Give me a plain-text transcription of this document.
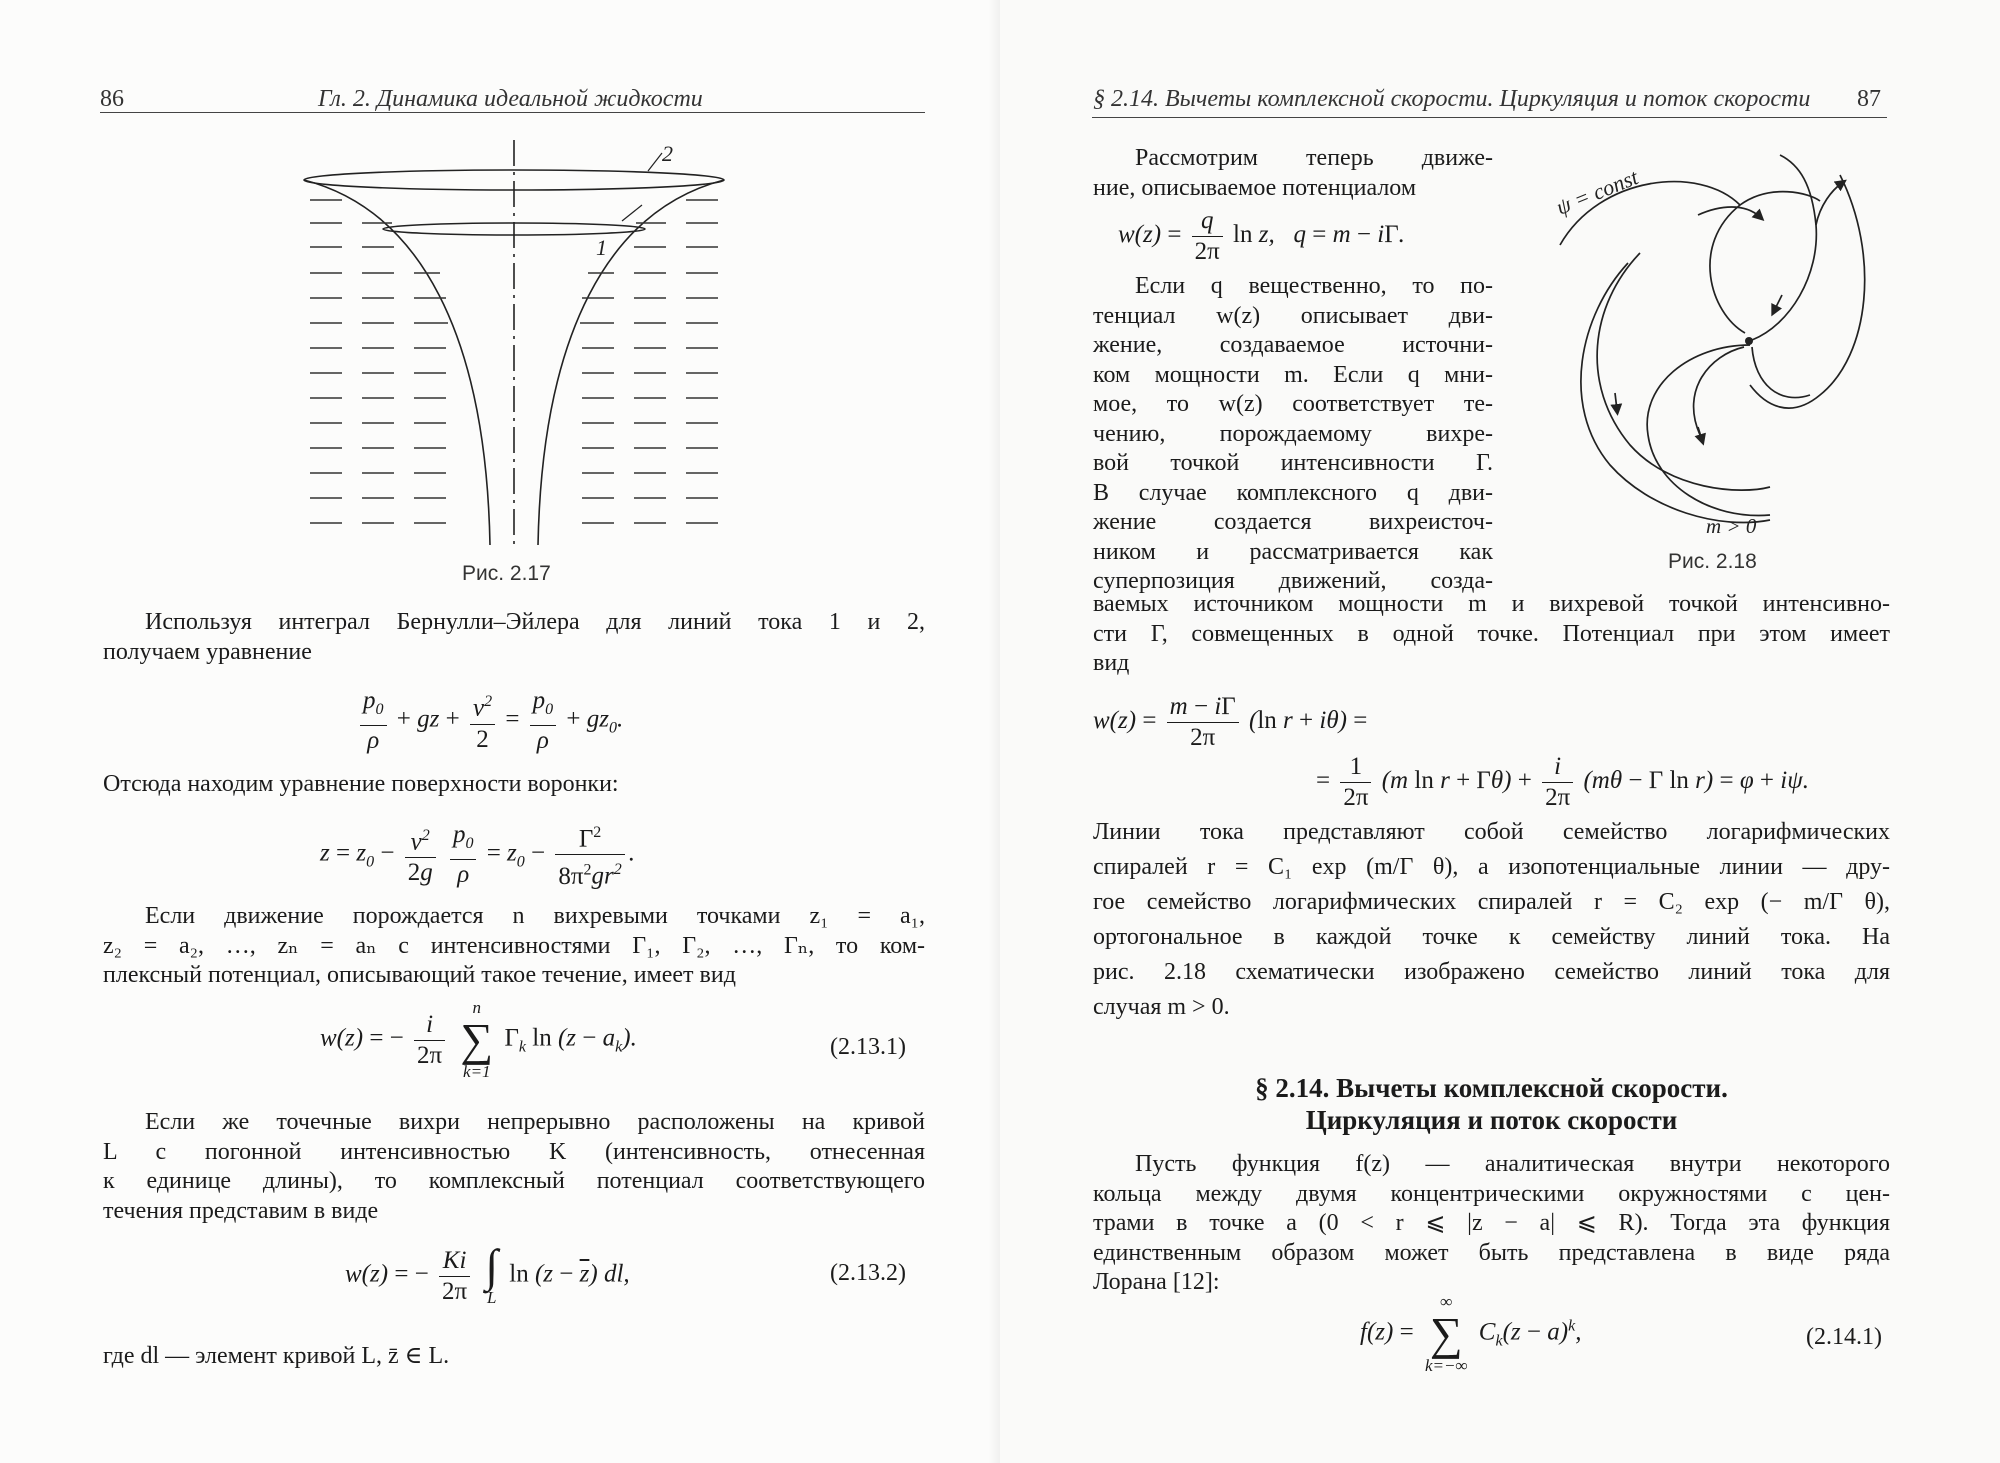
86	Гл. 2. Динамика идеальной жидкости
2
1
Рис. 2.17
Используя интеграл Бернулли–Эйлера для линий тока 1 и 2,
получаем уравнение
$\frac{p_0}{\rho}$ + gz + $\frac{v^2}{2} = \frac{p_0}{\rho} + gz_0$.
Отсюда находим уравнение поверхности воронки:
$z = z_0 - \frac{v^2}{2g}$
$\frac{p_0}{\rho} = z_0 - \frac{\Gamma^2}{8\pi^2gr^2}$ .
Если движение порождается n вихревыми точками z₁ = a₁,
z₂ = a₂, …, zₙ = aₙ с интенсивностями Γ₁, Γ₂, …, Γₙ, то ком-
плексный потенциал, описывающий такое течение, имеет вид
w(z) = − $\frac{i}{2\pi}$

n
∑
k=1
$\Gamma_k$ $\ln (z - a_k)$.	(2.13.1)
Если же точечные вихри непрерывно расположены на кривой
L с погонной интенсивностью K (интенсивность, отнесенная
к единице длины), то комплексный потенциал соответствующего
течения представим в виде
w(z) = − $\frac{Ki}{2\pi}$
∫
L
$\ln (z - \overline{z})$ dl,	(2.13.2)
где dl — элемент кривой L, z̄ ∈ L.
§ 2.14. Вычеты комплексной скорости. Циркуляция и поток скорости 87
Рассмотрим теперь движе-
ние, описываемое потенциалом
$w(z) = \frac{q}{2\pi}$ ln z,   q = m − iΓ.
Если q вещественно, то по-
тенциал w(z) описывает дви-
жение, создаваемое источни-
ком мощности m. Если q мни-
мое, то w(z) соответствует те-
чению, порождаемому вихре-
вой точкой интенсивности Γ.
В случае комплексного q дви-
жение создается вихреисточ-
ником и рассматривается как
суперпозиция движений, созда-
ψ = const
m > 0
Рис. 2.18
ваемых источником мощности m и вихревой точкой интенсивно-
сти Γ, совмещенных в одной точке. Потенциал при этом имеет
вид
$w(z) = \frac{m - i\Gamma}{2\pi} (\ln$ r + iθ) =
= $\frac{1}{2\pi} (m$ $\ln r + \Gamma\theta) + \frac{i}{2\pi} (m\theta - \Gamma$ ln r) = φ + iψ.
Линии тока представляют собой семейство логарифмических
спиралей r = C₁ exp (m/Γ θ), а изопотенциальные линии — дру-
гое семейство логарифмических спиралей r = C₂ exp (− m/Γ θ),
ортогональное в каждой точке к семейству линий тока. На
рис. 2.18 схематически изображено семейство линий тока для
случая m > 0.
§ 2.14. Вычеты комплексной скорости.
Циркуляция и поток скорости
Пусть функция f(z) — аналитическая внутри некоторого
кольца между двумя концентрическими окружностями с цен-
трами в точке a (0 < r ⩽ |z − a| ⩽ R). Тогда эта функция
единственным образом может быть представлена в виде ряда
Лорана [12]:
f(z) =
∞
∑
k=−∞
$C_k(z - a)^k$,	(2.14.1)
